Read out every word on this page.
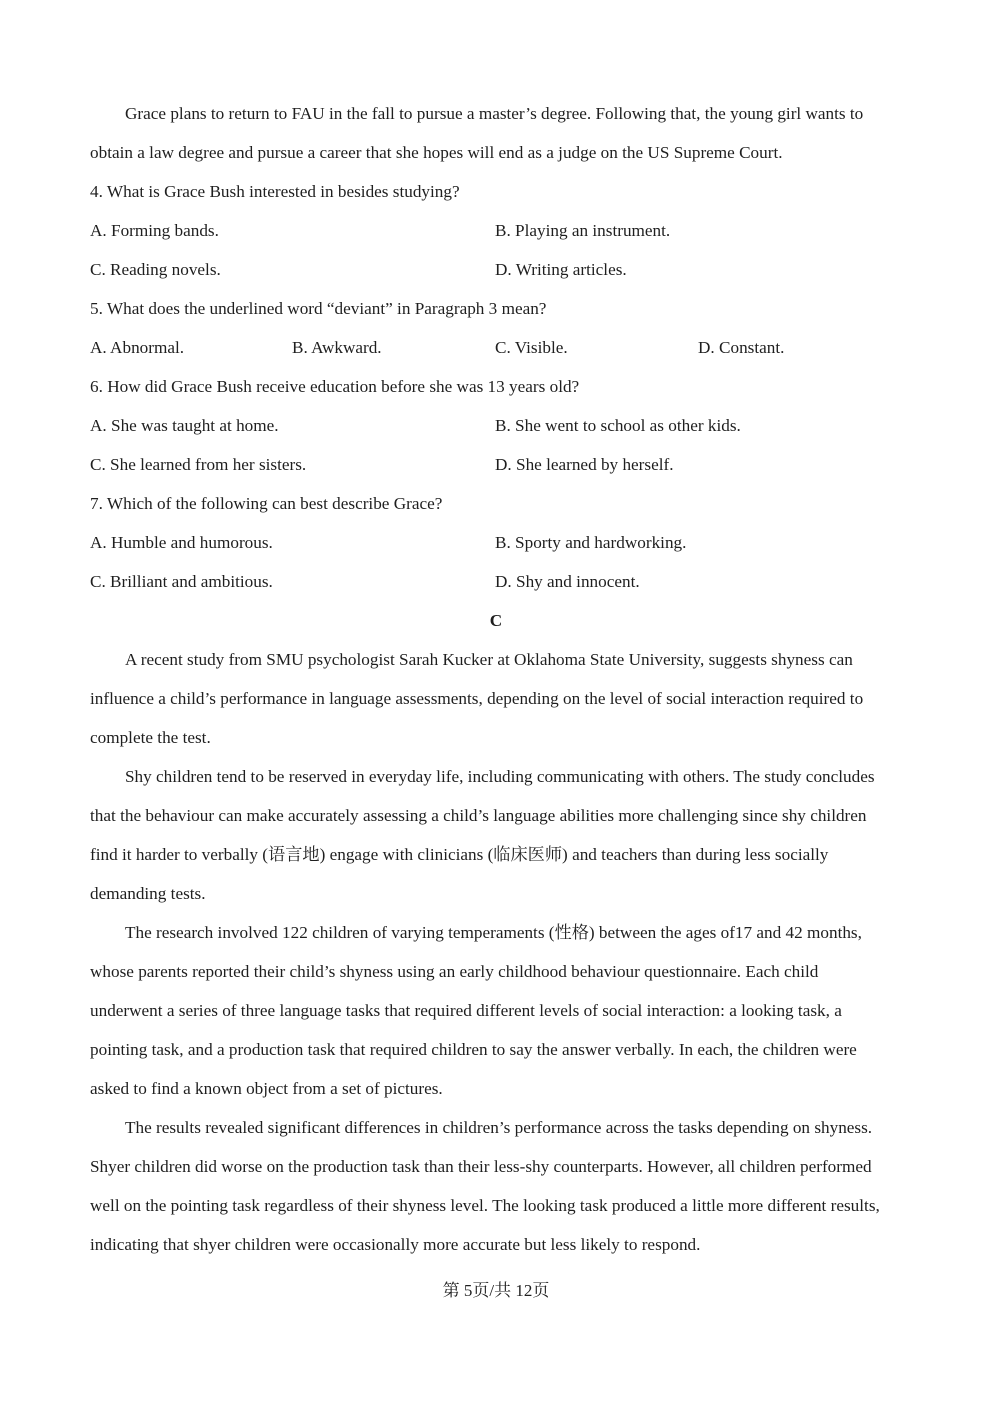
Grace plans to return to FAU in the fall to pursue a master’s degree. Following that, the young girl wants to
obtain a law degree and pursue a career that she hopes will end as a judge on the US Supreme Court.
4. What is Grace Bush interested in besides studying?
A. Forming bands.	B. Playing an instrument.
C. Reading novels.	D. Writing articles.
5. What does the underlined word “deviant” in Paragraph 3 mean?
A. Abnormal.	B. Awkward.	C. Visible.	D. Constant.
6. How did Grace Bush receive education before she was 13 years old?
A. She was taught at home.	B. She went to school as other kids.
C. She learned from her sisters.	D. She learned by herself.
7. Which of the following can best describe Grace?
A. Humble and humorous.	B. Sporty and hardworking.
C. Brilliant and ambitious.	D. Shy and innocent.
C
A recent study from SMU psychologist Sarah Kucker at Oklahoma State University, suggests shyness can
influence a child’s performance in language assessments, depending on the level of social interaction required to
complete the test.
Shy children tend to be reserved in everyday life, including communicating with others. The study concludes
that the behaviour can make accurately assessing a child’s language abilities more challenging since shy children
find it harder to verbally (语言地) engage with clinicians (临床医师) and teachers than during less socially
demanding tests.
The research involved 122 children of varying temperaments (性格) between the ages of17 and 42 months,
whose parents reported their child’s shyness using an early childhood behaviour questionnaire. Each child
underwent a series of three language tasks that required different levels of social interaction: a looking task, a
pointing task, and a production task that required children to say the answer verbally. In each, the children were
asked to find a known object from a set of pictures.
The results revealed significant differences in children’s performance across the tasks depending on shyness.
Shyer children did worse on the production task than their less-shy counterparts. However, all children performed
well on the pointing task regardless of their shyness level. The looking task produced a little more different results,
indicating that shyer children were occasionally more accurate but less likely to respond.
第 5页/共 12页
